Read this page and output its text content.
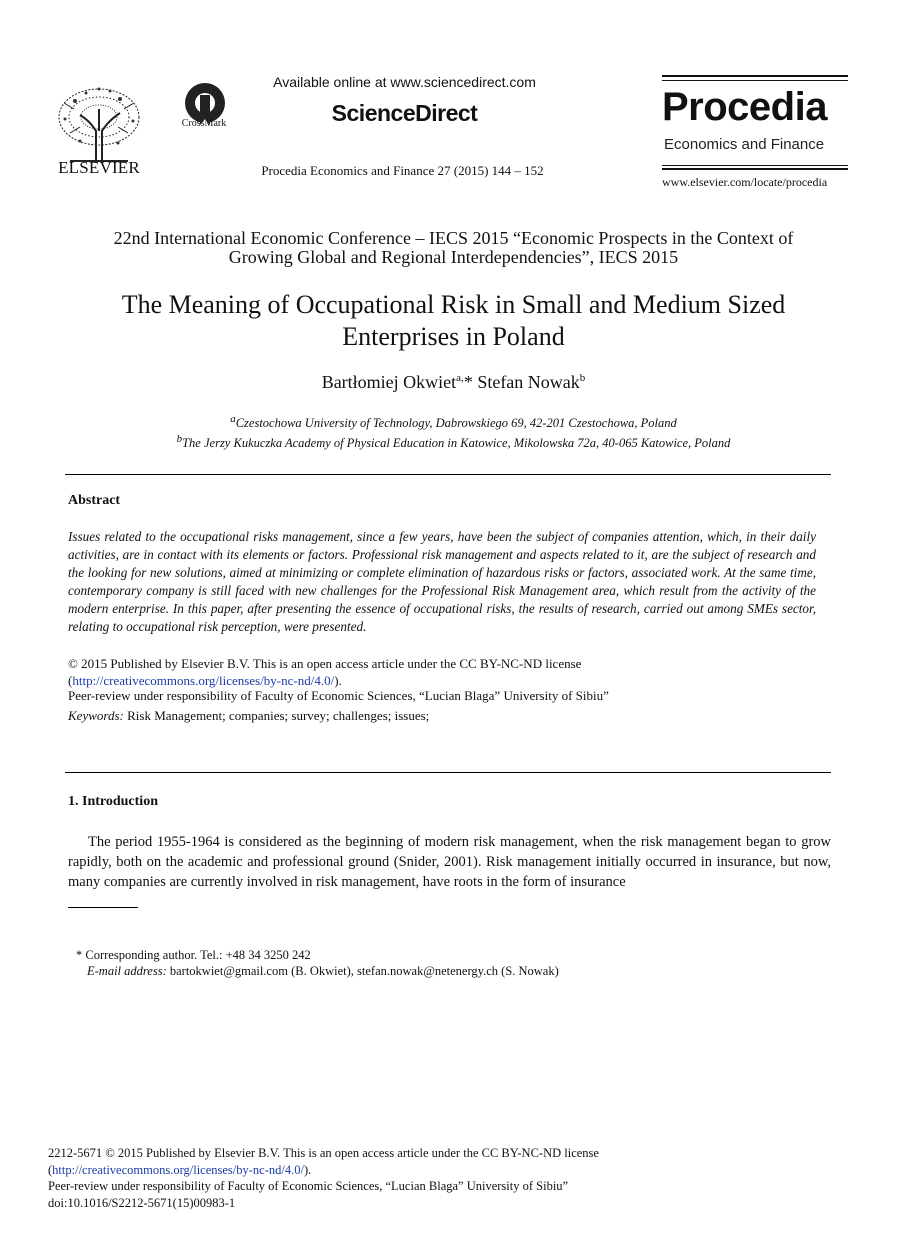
ELSEVIER
CrossMark
Available online at www.sciencedirect.com
ScienceDirect
Procedia Economics and Finance 27 (2015) 144 – 152
Procedia
Economics and Finance
www.elsevier.com/locate/procedia
22nd International Economic Conference – IECS 2015 “Economic Prospects in the Context of
Growing Global and Regional Interdependencies”, IECS 2015
The Meaning of Occupational Risk in Small and Medium Sized
Enterprises in Poland
Bartłomiej Okwiet$^{a,}$* Stefan Nowak$^b$
$^a$Czestochowa University of Technology, Dabrowskiego 69, 42-201 Czestochowa, Poland
$^b$The Jerzy Kukuczka Academy of Physical Education in Katowice, Mikolowska 72a, 40-065 Katowice, Poland
Abstract
Issues related to the occupational risks management, since a few years, have been the subject of companies attention, which, in their daily activities, are in contact with its elements or factors. Professional risk management and aspects related to it, are the subject of research and the looking for new solutions, aimed at minimizing or complete elimination of hazardous risks or factors, associated work. At the same time, contemporary company is still faced with new challenges for the Professional Risk Management area, which result from the activity of the modern enterprise. In this paper, after presenting the essence of occupational risks, the results of research, carried out among SMEs sector, relating to occupational risk perception, were presented.
© 2015 Published by Elsevier B.V. This is an open access article under the CC BY-NC-ND license
(http://creativecommons.org/licenses/by-nc-nd/4.0/).
Peer-review under responsibility of Faculty of Economic Sciences, “Lucian Blaga” University of Sibiu”
Keywords: Risk Management; companies; survey; challenges; issues;
1. Introduction
The period 1955-1964 is considered as the beginning of modern risk management, when the risk management began to grow rapidly, both on the academic and professional ground (Snider, 2001). Risk management initially occurred in insurance, but now, many companies are currently involved in risk management, have roots in the form of insurance
* Corresponding author. Tel.: +48 34 3250 242
E-mail address: bartokwiet@gmail.com (B. Okwiet), stefan.nowak@netenergy.ch (S. Nowak)
2212-5671 © 2015 Published by Elsevier B.V. This is an open access article under the CC BY-NC-ND license
(http://creativecommons.org/licenses/by-nc-nd/4.0/).
Peer-review under responsibility of Faculty of Economic Sciences, “Lucian Blaga” University of Sibiu”
doi:10.1016/S2212-5671(15)00983-1
